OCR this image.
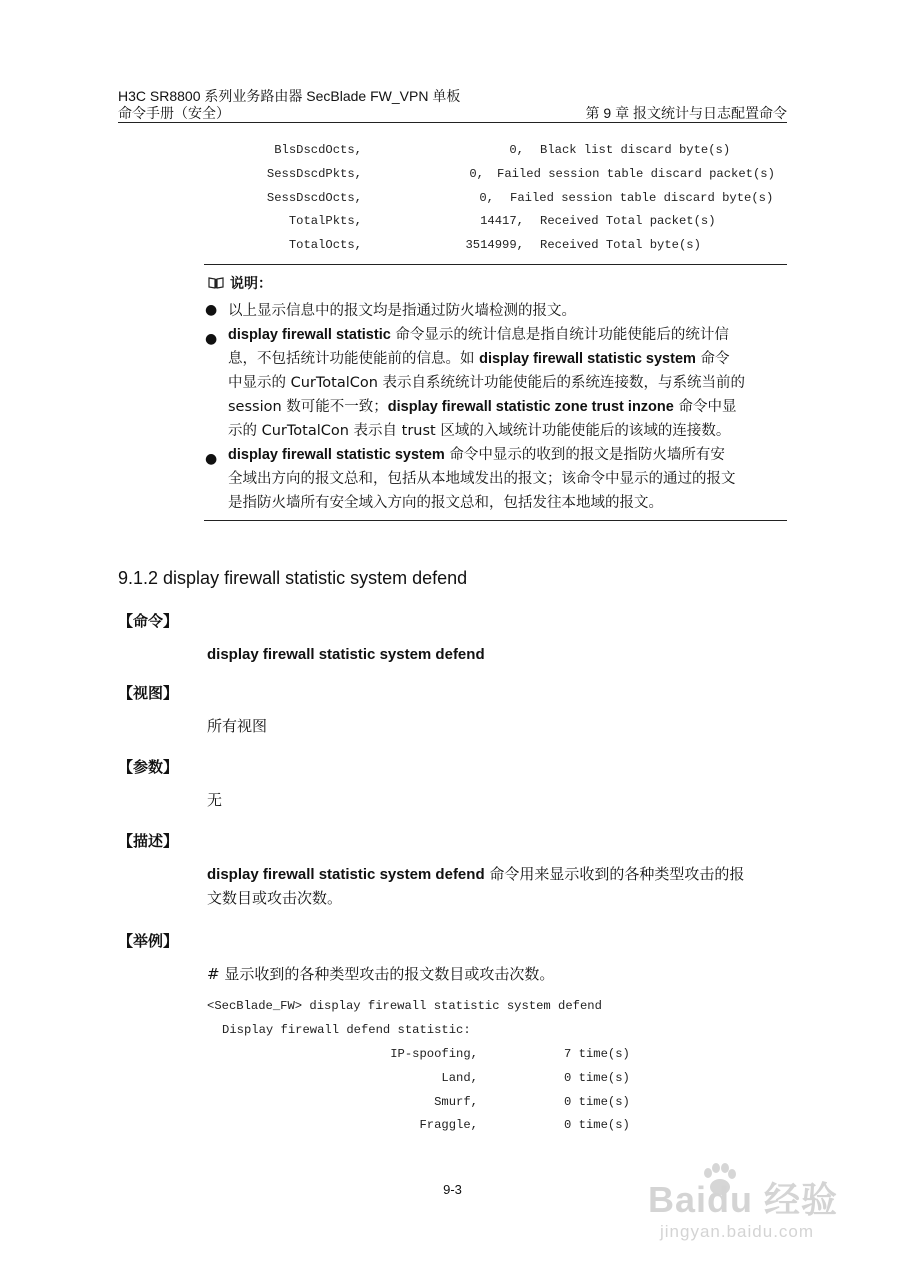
H3C SR8800 系列业务路由器 SecBlade FW_VPN 单板
命令手册（安全）	第 9 章 报文统计与日志配置命令
BlsDscdOcts,	0, Black list discard byte(s)
SessDscdPkts,	0, Failed session table discard packet(s)
SessDscdOcts,	0, Failed session table discard byte(s)
TotalPkts,	14417, Received Total packet(s)
TotalOcts,	3514999, Received Total byte(s)
说明：
● 以上显示信息中的报文均是指通过防火墙检测的报文。
● display firewall statistic 命令显示的统计信息是指自统计功能使能后的统计信
息，不包括统计功能使能前的信息。如 display firewall statistic system 命令
中显示的 CurTotalCon 表示自系统统计功能使能后的系统连接数，与系统当前的
session 数可能不一致；display firewall statistic zone trust inzone 命令中显
示的 CurTotalCon 表示自 trust 区域的入域统计功能使能后的该域的连接数。
● display firewall statistic system 命令中显示的收到的报文是指防火墙所有安
全域出方向的报文总和，包括从本地域发出的报文；该命令中显示的通过的报文
是指防火墙所有安全域入方向的报文总和，包括发往本地域的报文。
9.1.2 display firewall statistic system defend
【命令】
display firewall statistic system defend
【视图】
所有视图
【参数】
无
【描述】
display firewall statistic system defend 命令用来显示收到的各种类型攻击的报
文数目或攻击次数。
【举例】
# 显示收到的各种类型攻击的报文数目或攻击次数。
<SecBlade_FW> display firewall statistic system defend
Display firewall defend statistic:
IP-spoofing,	7 time(s)
Land,	0 time(s)
Smurf,	0 time(s)
Fraggle,	0 time(s)
9-3	Baidu 经验
jingyan.baidu.com
